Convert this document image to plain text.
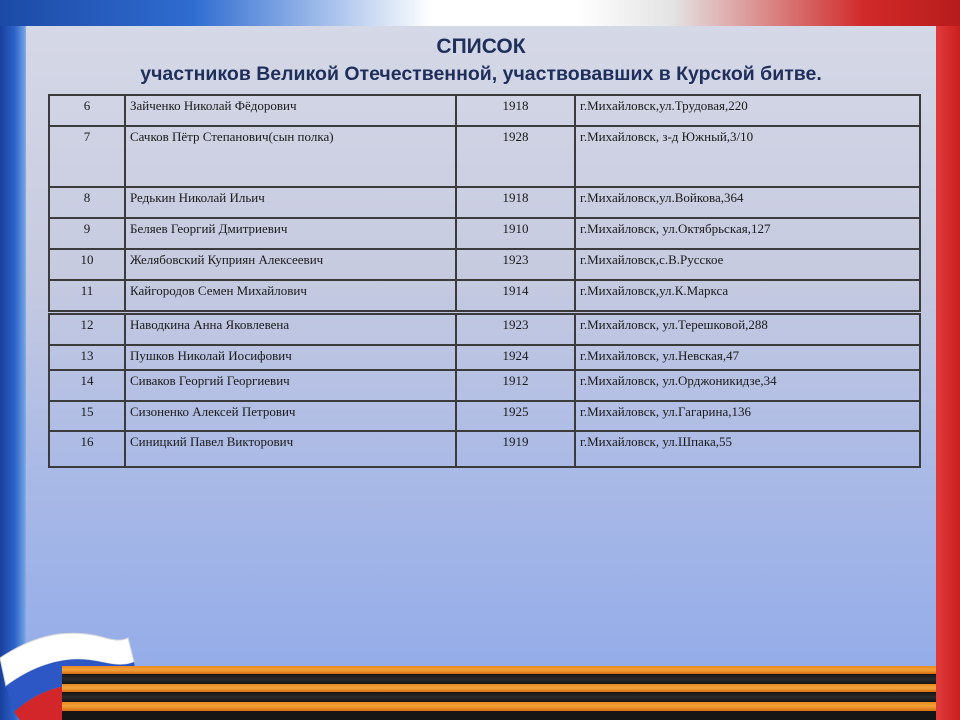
СПИСОК
участников Великой Отечественной, участвовавших в Курской битве.
6	Зайченко Николай Фёдорович	1918	г.Михайловск,ул.Трудовая,220
7	Сачков Пётр Степанович(сын полка)	1928	г.Михайловск, з-д Южный,3/10
8	Редькин Николай Ильич	1918	г.Михайловск,ул.Войкова,364
9	Беляев Георгий Дмитриевич	1910	г.Михайловск, ул.Октябрьская,127
10	Желябовский Куприян Алексеевич	1923	г.Михайловск,с.В.Русское
11	Кайгородов Семен Михайлович	1914	г.Михайловск,ул.К.Маркса
12	Наводкина Анна Яковлевена	1923	г.Михайловск, ул.Терешковой,288
13	Пушков Николай Иосифович	1924	г.Михайловск, ул.Невская,47
14	Сиваков Георгий Георгиевич	1912	г.Михайловск, ул.Орджоникидзе,34
15	Сизоненко Алексей Петрович	1925	г.Михайловск, ул.Гагарина,136
16	Синицкий Павел Викторович	1919	г.Михайловск, ул.Шпака,55
